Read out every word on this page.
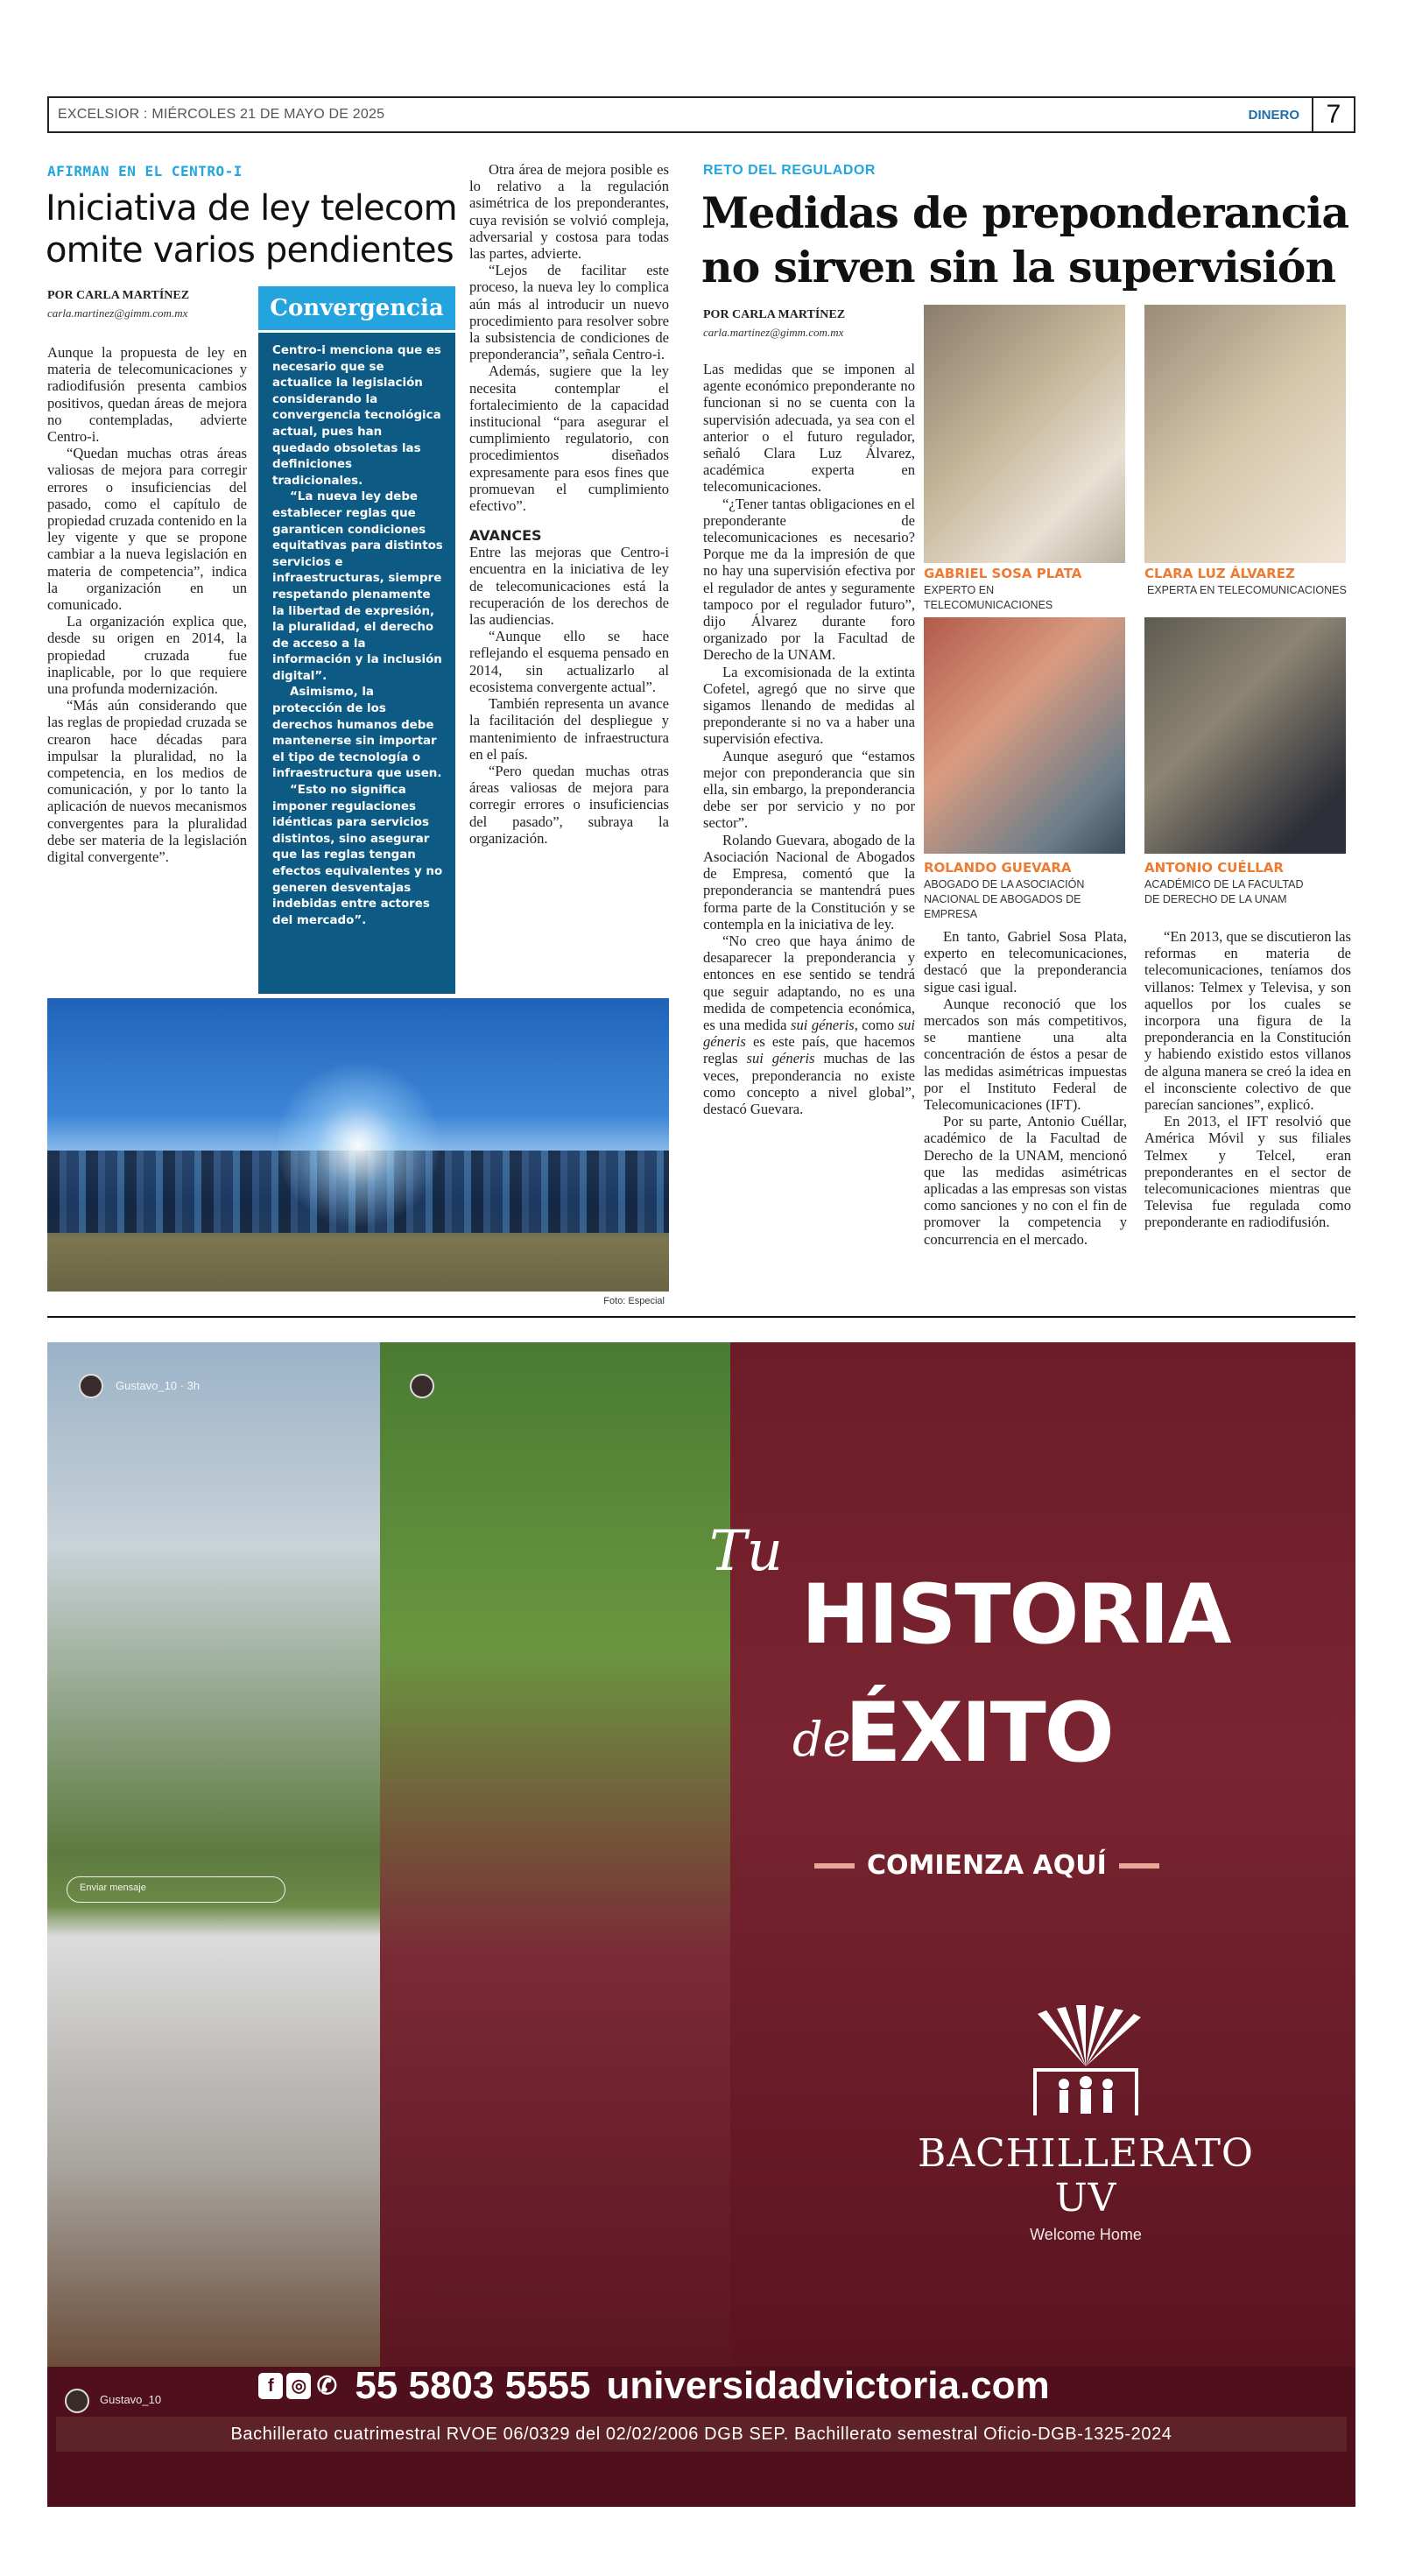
EXCELSIOR : MIÉRCOLES 21 DE MAYO DE 2025	DINERO	7
AFIRMAN EN EL CENTRO-I
Iniciativa de ley telecom
omite varios pendientes
POR CARLA MARTÍNEZ
carla.martinez@gimm.com.mx

Aunque la propuesta de ley en materia de telecomunicaciones y radiodifusión presenta cambios positivos, quedan áreas de mejora no contempladas, advierte Centro-i.

“Quedan muchas otras áreas valiosas de mejora para corregir errores o insuficiencias del pasado, como el capítulo de propiedad cruzada contenido en la ley vigente y que se propone cambiar a la nueva legislación en materia de competencia”, indica la organización en un comunicado.

La organización explica que, desde su origen en 2014, la propiedad cruzada fue inaplicable, por lo que requiere una profunda modernización.

“Más aún considerando que las reglas de propiedad cruzada se crearon hace décadas para impulsar la pluralidad, no la competencia, en los medios de comunicación, y por lo tanto la aplicación de nuevos mecanismos convergentes para la pluralidad debe ser materia de la legislación digital convergente”.

Convergencia

Centro-i menciona que es necesario que se actualice la legislación considerando la convergencia tecnológica actual, pues han quedado obsoletas las definiciones tradicionales.

“La nueva ley debe establecer reglas que garanticen condiciones equitativas para distintos servicios e infraestructuras, siempre respetando plenamente la libertad de expresión, la pluralidad, el derecho de acceso a la información y la inclusión digital”.

Asimismo, la protección de los derechos humanos debe mantenerse sin importar el tipo de tecnología o infraestructura que usen.

“Esto no significa imponer regulaciones idénticas para servicios distintos, sino asegurar que las reglas tengan efectos equivalentes y no generen desventajas indebidas entre actores del mercado”.

Otra área de mejora posible es lo relativo a la regulación asimétrica de los preponderantes, cuya revisión se volvió compleja, adversarial y costosa para todas las partes, advierte.

“Lejos de facilitar este proceso, la nueva ley lo complica aún más al introducir un nuevo procedimiento para resolver sobre la subsistencia de condiciones de preponderancia”, señala Centro-i.

Además, sugiere que la ley necesita contemplar el fortalecimiento de la capacidad institucional “para asegurar el cumplimiento regulatorio, con procedimientos diseñados expresamente para esos fines que promuevan el cumplimiento efectivo”.

AVANCES

Entre las mejoras que Centro-i encuentra en la iniciativa de ley de telecomunicaciones está la recuperación de los derechos de las audiencias.

“Aunque ello se hace reflejando el esquema pensado en 2014, sin actualizarlo al ecosistema convergente actual”.

También representa un avance la facilitación del despliegue y mantenimiento de infraestructura en el país.

“Pero quedan muchas otras áreas valiosas de mejora para corregir errores o insuficiencias del pasado”, subraya la organización.

Foto: Especial
RETO DEL REGULADOR
Medidas de preponderancia
no sirven sin la supervisión
POR CARLA MARTÍNEZ
carla.martinez@gimm.com.mx

Las medidas que se imponen al agente económico preponderante no funcionan si no se cuenta con la supervisión adecuada, ya sea con el anterior o el futuro regulador, señaló Clara Luz Álvarez, académica experta en telecomunicaciones.

“¿Tener tantas obligaciones en el preponderante de telecomunicaciones es necesario? Porque me da la impresión de que no hay una supervisión efectiva por el regulador de antes y seguramente tampoco por el regulador futuro”, dijo Álvarez durante foro organizado por la Facultad de Derecho de la UNAM.

La excomisionada de la extinta Cofetel, agregó que no sirve que sigamos llenando de medidas al preponderante si no va a haber una supervisión efectiva.

Aunque aseguró que “estamos mejor con preponderancia que sin ella, sin embargo, la preponderancia debe ser por servicio y no por sector”.

Rolando Guevara, abogado de la Asociación Nacional de Abogados de Empresa, comentó que la preponderancia se mantendrá pues forma parte de la Constitución y se contempla en la iniciativa de ley.

“No creo que haya ánimo de desaparecer la preponderancia y entonces en ese sentido se tendrá que seguir adaptando, no es una medida de competencia económica, es una medida sui géneris, como sui géneris es este país, que hacemos reglas sui géneris muchas de las veces, preponderancia no existe como concepto a nivel global”, destacó Guevara.

GABRIEL SOSA PLATA
EXPERTO EN TELECOMUNICACIONES
CLARA LUZ ÁLVAREZ
EXPERTA EN TELECOMUNICACIONES
ROLANDO GUEVARA
ABOGADO DE LA ASOCIACIÓN NACIONAL DE ABOGADOS DE EMPRESA
ANTONIO CUÉLLAR
ACADÉMICO DE LA FACULTAD DE DERECHO DE LA UNAM

En tanto, Gabriel Sosa Plata, experto en telecomunicaciones, destacó que la preponderancia sigue casi igual.

Aunque reconoció que los mercados son más competitivos, se mantiene una alta concentración de éstos a pesar de las medidas asimétricas impuestas por el Instituto Federal de Telecomunicaciones (IFT).

Por su parte, Antonio Cuéllar, académico de la Facultad de Derecho de la UNAM, mencionó que las medidas asimétricas aplicadas a las empresas son vistas como sanciones y no con el fin de promover la competencia y concurrencia en el mercado.

“En 2013, que se discutieron las reformas en materia de telecomunicaciones, teníamos dos villanos: Telmex y Televisa, y son aquellos por los cuales se incorpora una figura de la preponderancia en la Constitución y habiendo existido estos villanos de alguna manera se creó la idea en el inconsciente colectivo de que parecían sanciones”, explicó.

En 2013, el IFT resolvió que América Móvil y sus filiales Telmex y Telcel, eran preponderantes en el sector de telecomunicaciones mientras que Televisa fue regulada como preponderante en radiodifusión.

Gustavo_10 · 3h
Enviar mensaje
Gustavo_10
Tu
HISTORIA
de
ÉXITO
COMIENZA AQUÍ
BACHILLERATO UV
Welcome Home
f ◎ ✆ 55 5803 5555 universidadvictoria.com
Bachillerato cuatrimestral RVOE 06/0329 del 02/02/2006 DGB SEP. Bachillerato semestral Oficio-DGB-1325-2024
